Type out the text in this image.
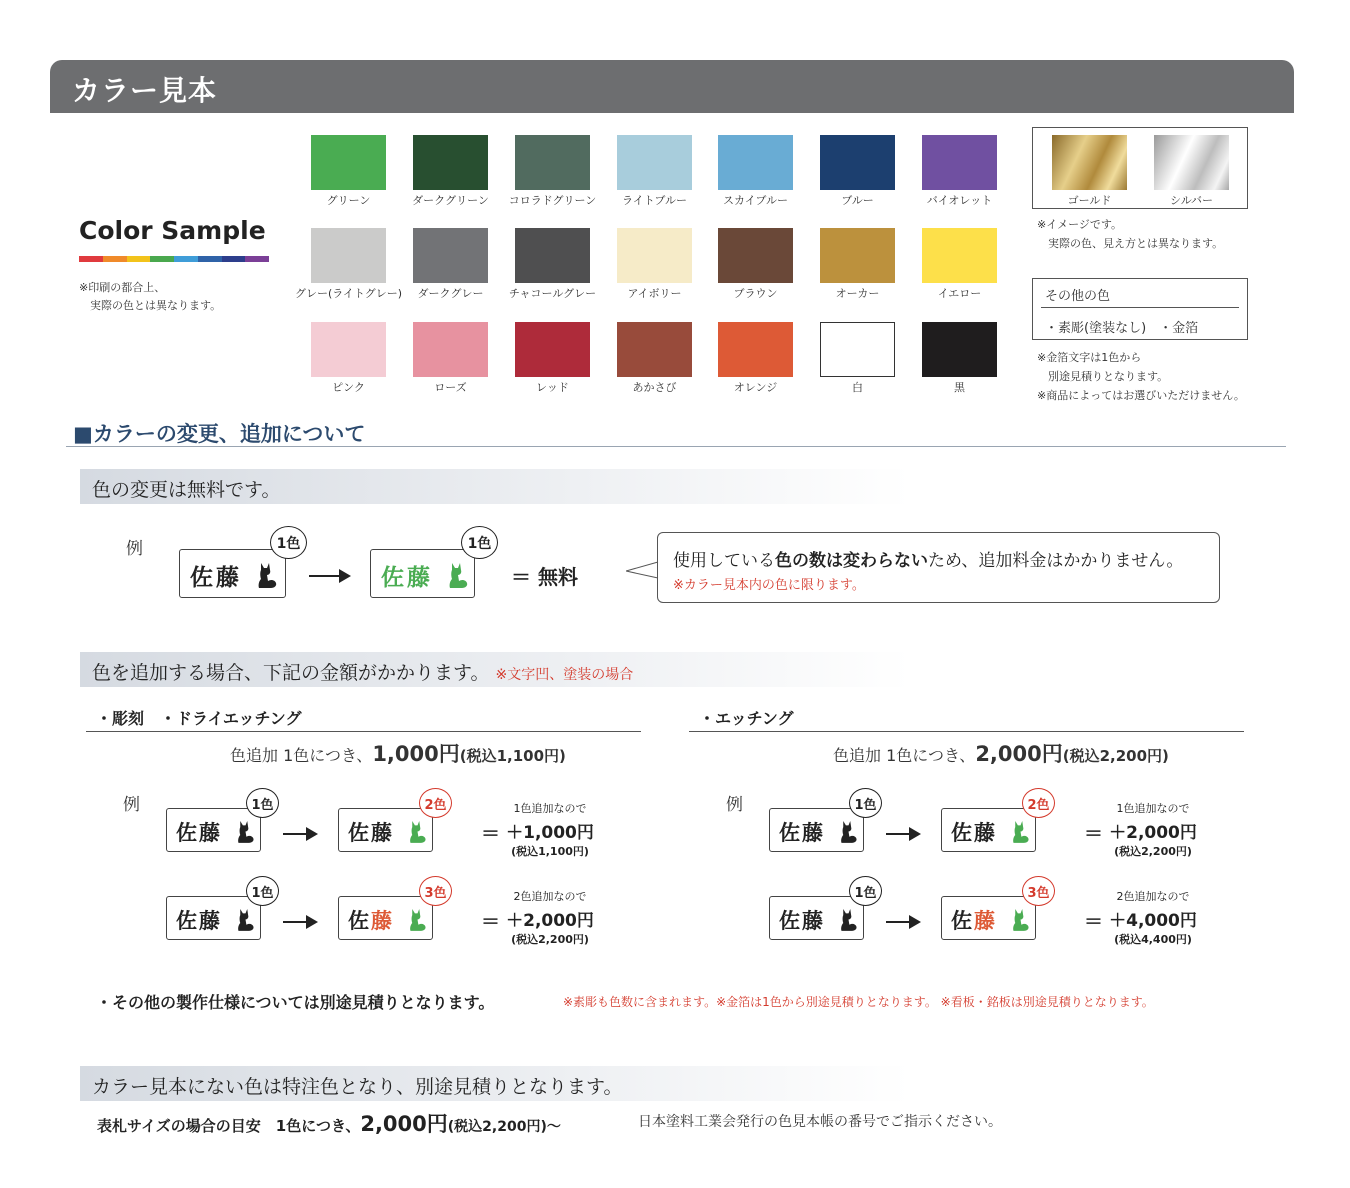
カラー見本
Color Sample
※印刷の都合上、
　実際の色とは異なります。
グリーン	ダークグリーン	コロラドグリーン	ライトブルー	スカイブルー	ブルー	バイオレット
グレー(ライトグレー)	ダークグレー	チャコールグレー	アイボリー	ブラウン	オーカー	イエロー
ピンク	ローズ	レッド	あかさび	オレンジ	白	黒
ゴールド	シルバー
※イメージです。
　実際の色、見え方とは異なります。
その他の色
・素彫(塗装なし)　・金箔
※金箔文字は1色から
　別途見積りとなります。
※商品によってはお選びいただけません。
■カラーの変更、追加について
色の変更は無料です。
例
佐藤
1色
佐藤
1色
＝ 無料
使用している色の数は変わらないため、追加料金はかかりません。
※カラー見本内の色に限ります。
色を追加する場合、下記の金額がかかります。 ※文字凹、塗装の場合
・彫刻　・ドライエッチング
色追加 1色につき、1,000円(税込1,100円)
例
佐藤
1色
佐藤
2色
＝
1色追加なので
＋1,000円
(税込1,100円)
佐藤
1色
佐藤
3色
＝
2色追加なので
＋2,000円
(税込2,200円)
・エッチング
色追加 1色につき、2,000円(税込2,200円)
例
佐藤
1色
佐藤
2色
＝
1色追加なので
＋2,000円
(税込2,200円)
佐藤
1色
佐藤
3色
＝
2色追加なので
＋4,000円
(税込4,400円)
・その他の製作仕様については別途見積りとなります。	※素彫も色数に含まれます。※金箔は1色から別途見積りとなります。 ※看板・銘板は別途見積りとなります。
カラー見本にない色は特注色となり、別途見積りとなります。
表札サイズの場合の目安　1色につき、2,000円(税込2,200円)～	日本塗料工業会発行の色見本帳の番号でご指示ください。
